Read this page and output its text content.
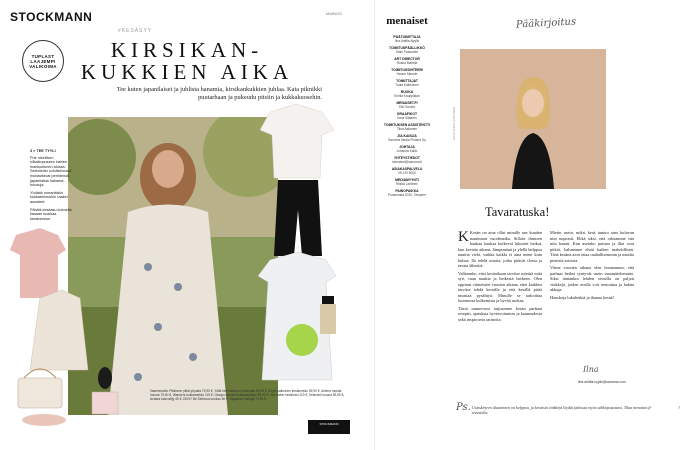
STOCKMANN	MAINOS
TUPLAST
LAAJEMPI
VALIKOIMA
#KESÄSYY
KIRSIKAN-
KUKKIEN AIKA
Tee kuten japanilaiset ja juhlista hanamia, kirsikankukkien juhlaa. Kata piknikki puutarhaan ja pukeudu pitsiin ja kukkakuosehin.
3 × TEE TYYLI

Puir nisellisen silkaikopuseen kainen manikultonen alussa. Selectedin culottehousut muistuttavat perinteisiä japanilaisia hakama-housuja.

Yhdistä romanttisiin kukkabelmoihin raakel asusteet.

Päivitä kesäasu kolmella kasaan luokkaa kesäversion.

Vasemmalta: Pitsikenn pitkä yöpaita 79,90 €, Yöllä heti valkoinen pitsipaita 89,90 €, Esprit valkoinen kesämekko 59,90 €, Arilena mustat housut 79,90 €, Wanders kukkamekko 119 €, Giorgio Armani kukkaiskpäiksi 59,90 €, Ted Baker kesähuivi 119 €, Selected housut 89,95 €, Andara kasvoöljy 45 €, DKNY Be Delicious tuoksu 60 €, Vagabond kengät 79,95 €.
STOCKMANN
menaiset
PÄÄTOIMITTAJA
Ilna Anttila-Nyylki
TOIMITUSPÄÄLLIKKÖ
Saini Paasonen
ART DIRECTOR
Ruska Marttila
TOIMITUSSIHTEERI
Hanne Mauste
TOIMITTAJAT
Tuula Kaikkonen
RUOKA
Emilia Kauppilaan
MENAISET.FI
Kiiri Sovela
GRAAFIKOT
Ilona Saitamo
TOIMITUKSEN ASSISTENTTI
Tiina Aaltonen
JULKAISIJA
Sanoma Media Finland Oy
JOHTAJA
Johanna Kallio
YHTEYSTIEDOT
menaiset@sanoma.fi
ASIAKASPALVELU
09 120 5000
MEDIAMYYNTI
Riikka Lahtinen
PAINOPAIKKA
Punamusta 2020, Tampere
Pääkirjoitus
KUVA ANNA HUOVINEN
Tavaratuska!

K Kesän on aina ollut minulle sen kuuden nautinnon vuodenaika. Silloin ihmisen kaukaa kaukaa kulkevat lukuiset hetkat, kun kevään aikana, lämpimänä ja ylellä helppoa nauttia vielä, vaikka kaikki ei aina mene kuin kultaa. Ilo tehdä asioita, jotka pitävät ilossa ja tavata läheisiä.

Valitaanko, ettei kesäaikaan tarvitse miettiä mitä syö, vaan nauttia ja hetkestä hetkeen. Olen oppinut viimeisten vuosien aikana, ettei kaikkea tarvitse tehdä kerralla ja että kesällä pitää muistaa pysähtyä. Minulle se tarkoittaa luonnossa kulkemista ja hyvää ruokaa.

Tässä numerossa tarjoamme kesän parhaat reseptit, ajatuksia hyvinvoinnista ja kauneudesta sekä inspiroivia tarinoita.

Mietin usein, miksi kesä tuntuu aina kuluvan niin nopeasti. Ehkä siksi, että odotamme sitä niin kauan. Kun aurinko paistaa ja illat ovat pitkiä, haluamme ehtiä kaiken mahdollisen. Tänä kesänä aion ottaa rauhallisemmin ja nauttia pienistä asioista.

Viime vuosien aikana olen huomannut, että parhaat hetket syntyvät usein suunnittelematta. Siksi tämänkin lehden sivuilla on paljon vinkkejä, joiden avulla voit rentoutua ja ladata akkuja.

Hauskoja lukuhetkiä ja ihanaa kesää!

Ilna
ilna.anttila-nyylki@sanoma.com
Ps. Uutiskirjeen tilaaminen on helppoa, ja kesäisiä vinkkejä löydät jatkossa myös sähköpostistasi. Tilaa menaiset.fi-sivustolta.
7
